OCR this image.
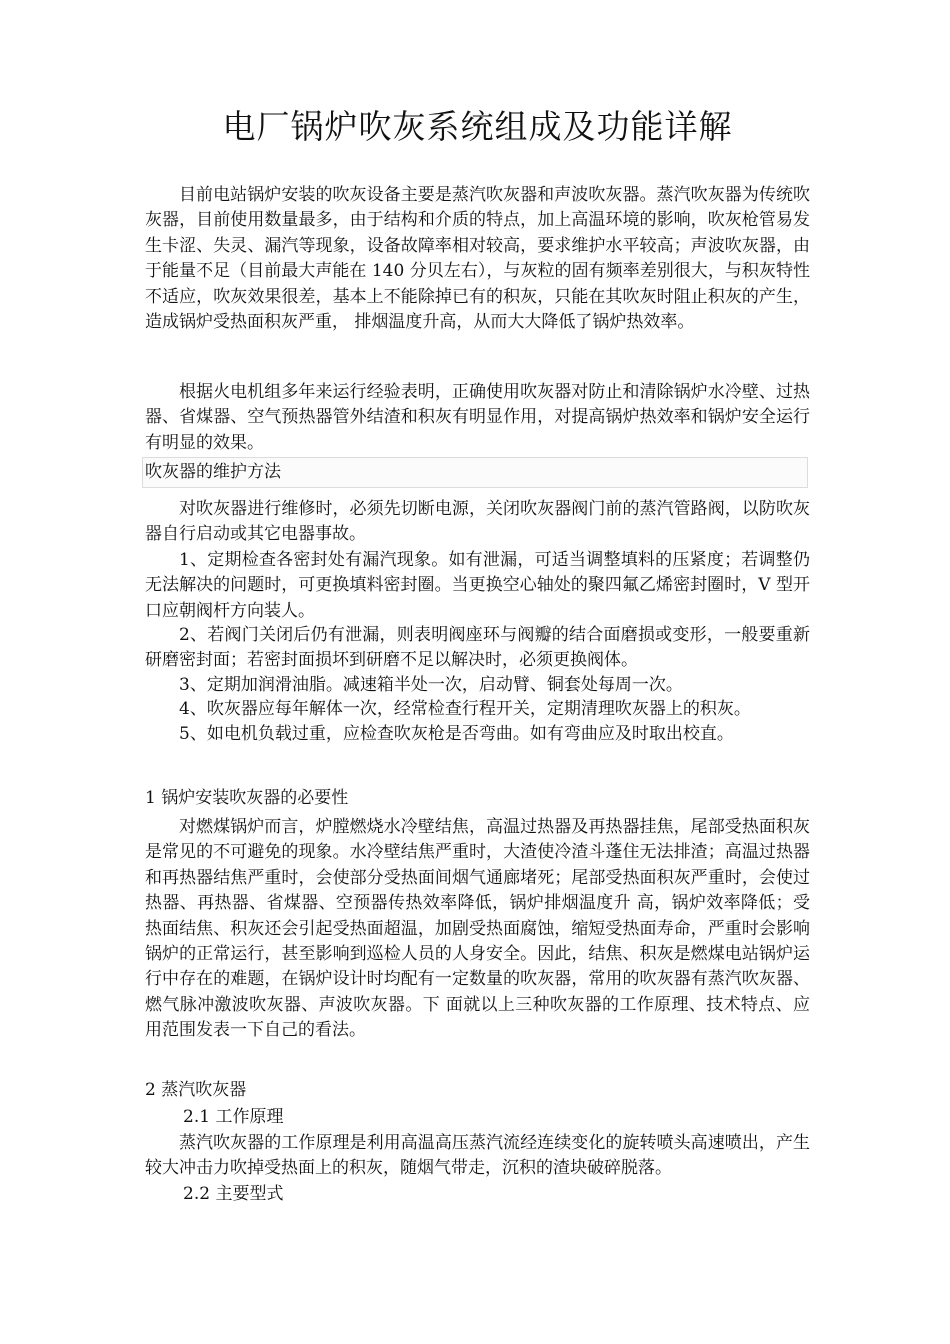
电厂锅炉吹灰系统组成及功能详解

目前电站锅炉安装的吹灰设备主要是蒸汽吹灰器和声波吹灰器。蒸汽吹灰器为传统吹灰器，目前使用数量最多，由于结构和介质的特点，加上高温环境的影响，吹灰枪管易发生卡涩、失灵、漏汽等现象，设备故障率相对较高，要求维护水平较高；声波吹灰器，由于能量不足（目前最大声能在 140 分贝左右），与灰粒的固有频率差别很大，与积灰特性不适应，吹灰效果很差，基本上不能除掉已有的积灰，只能在其吹灰时阻止积灰的产生， 造成锅炉受热面积灰严重， 排烟温度升高，从而大大降低了锅炉热效率。

根据火电机组多年来运行经验表明，正确使用吹灰器对防止和清除锅炉水冷壁、过热器、省煤器、空气预热器管外结渣和积灰有明显作用，对提高锅炉热效率和锅炉安全运行有明显的效果。

吹灰器的维护方法

对吹灰器进行维修时，必须先切断电源，关闭吹灰器阀门前的蒸汽管路阀，以防吹灰器自行启动或其它电器事故。

1、定期检查各密封处有漏汽现象。如有泄漏，可适当调整填料的压紧度；若调整仍无法解决的问题时，可更换填料密封圈。当更换空心轴处的聚四氟乙烯密封圈时，V 型开口应朝阀杆方向装人。

2、若阀门关闭后仍有泄漏，则表明阀座环与阀瓣的结合面磨损或变形，一般要重新研磨密封面；若密封面损坏到研磨不足以解决时，必须更换阀体。

3、定期加润滑油脂。减速箱半处一次，启动臂、铜套处每周一次。

4、吹灰器应每年解体一次，经常检查行程开关，定期清理吹灰器上的积灰。

5、如电机负载过重，应检查吹灰枪是否弯曲。如有弯曲应及时取出校直。

1 锅炉安装吹灰器的必要性

对燃煤锅炉而言，炉膛燃烧水冷壁结焦，高温过热器及再热器挂焦，尾部受热面积灰是常见的不可避免的现象。水冷壁结焦严重时，大渣使冷渣斗蓬住无法排渣；高温过热器和再热器结焦严重时，会使部分受热面间烟气通廊堵死；尾部受热面积灰严重时，会使过热器、再热器、省煤器、空预器传热效率降低，锅炉排烟温度升 高，锅炉效率降低；受热面结焦、积灰还会引起受热面超温，加剧受热面腐蚀，缩短受热面寿命，严重时会影响锅炉的正常运行，甚至影响到巡检人员的人身安全。因此，结焦、积灰是燃煤电站锅炉运行中存在的难题，在锅炉设计时均配有一定数量的吹灰器，常用的吹灰器有蒸汽吹灰器、燃气脉冲激波吹灰器、声波吹灰器。下 面就以上三种吹灰器的工作原理、技术特点、应用范围发表一下自己的看法。

2 蒸汽吹灰器

2.1 工作原理

蒸汽吹灰器的工作原理是利用高温高压蒸汽流经连续变化的旋转喷头高速喷出，产生较大冲击力吹掉受热面上的积灰，随烟气带走，沉积的渣块破碎脱落。

2.2 主要型式
